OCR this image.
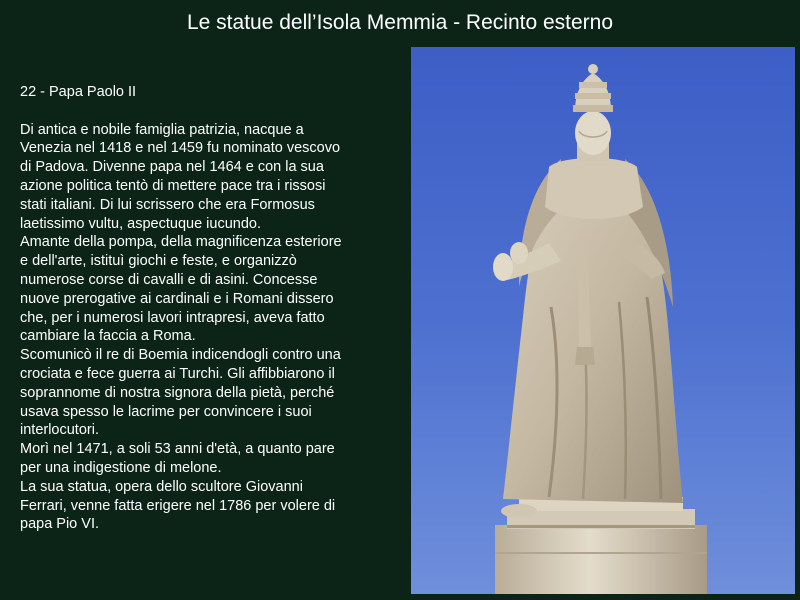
Le statue dell’Isola Memmia - Recinto esterno

22 - Papa Paolo II

Di antica e nobile famiglia patrizia, nacque a

Venezia nel 1418 e nel 1459 fu nominato vescovo

di Padova. Divenne papa nel 1464 e con la sua

azione politica tentò di mettere pace tra i rissosi

stati italiani. Di lui scrissero che era Formosus

laetissimo vultu, aspectuque iucundo.

Amante della pompa, della magnificenza esteriore

e dell'arte, istituì giochi e feste, e organizzò

numerose corse di cavalli e di asini. Concesse

nuove prerogative ai cardinali e i Romani dissero

che, per i numerosi lavori intrapresi, aveva fatto

cambiare la faccia a Roma.

Scomunicò il re di Boemia indicendogli contro una

crociata e fece guerra ai Turchi. Gli affibbiarono il

soprannome di nostra signora della pietà, perché

usava spesso le lacrime per convincere i suoi

interlocutori.

Morì nel 1471, a soli 53 anni d'età, a quanto pare

per una indigestione di melone.

La sua statua, opera dello scultore Giovanni

Ferrari, venne fatta erigere nel 1786 per volere di

papa Pio VI.
